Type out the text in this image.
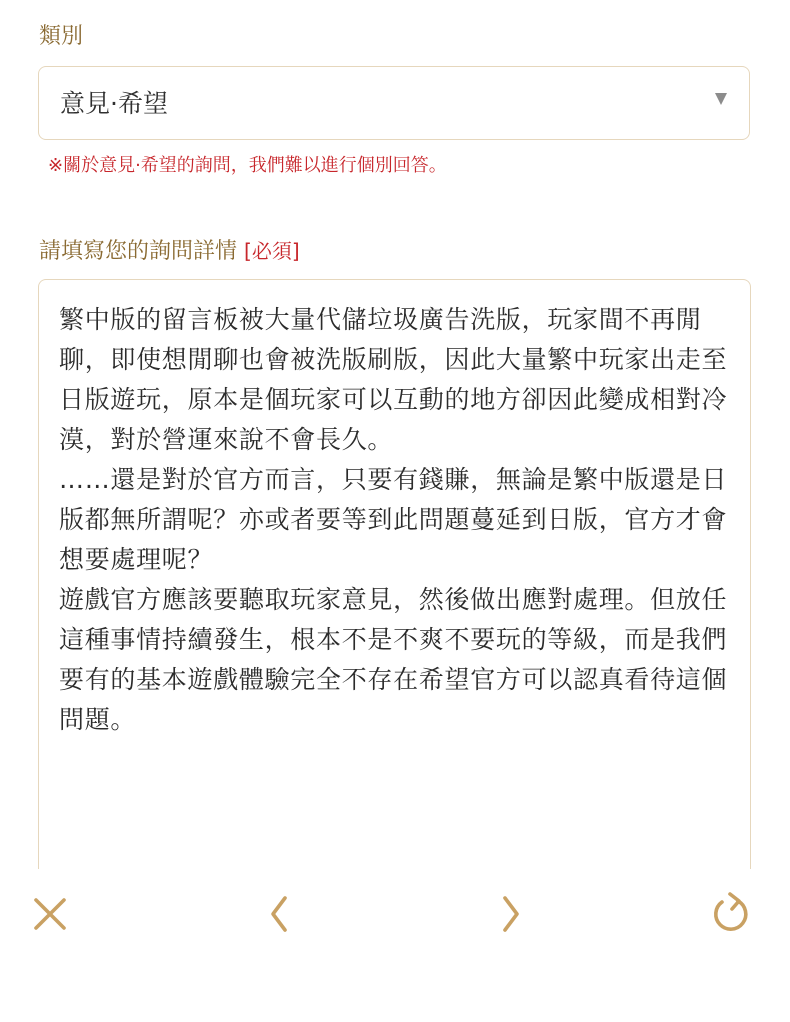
類別
意見·希望
※關於意見·希望的詢問，我們難以進行個別回答。
請填寫您的詢問詳情 [必須]
繁中版的留言板被大量代儲垃圾廣告洗版，玩家間不再閒聊，即使想閒聊也會被洗版刷版，因此大量繁中玩家出走至日版遊玩，原本是個玩家可以互動的地方卻因此變成相對冷漠，對於營運來說不會長久。
……還是對於官方而言，只要有錢賺，無論是繁中版還是日版都無所謂呢？亦或者要等到此問題蔓延到日版，官方才會想要處理呢？
遊戲官方應該要聽取玩家意見，然後做出應對處理。但放任這種事情持續發生，根本不是不爽不要玩的等級，而是我們要有的基本遊戲體驗完全不存在希望官方可以認真看待這個問題。
